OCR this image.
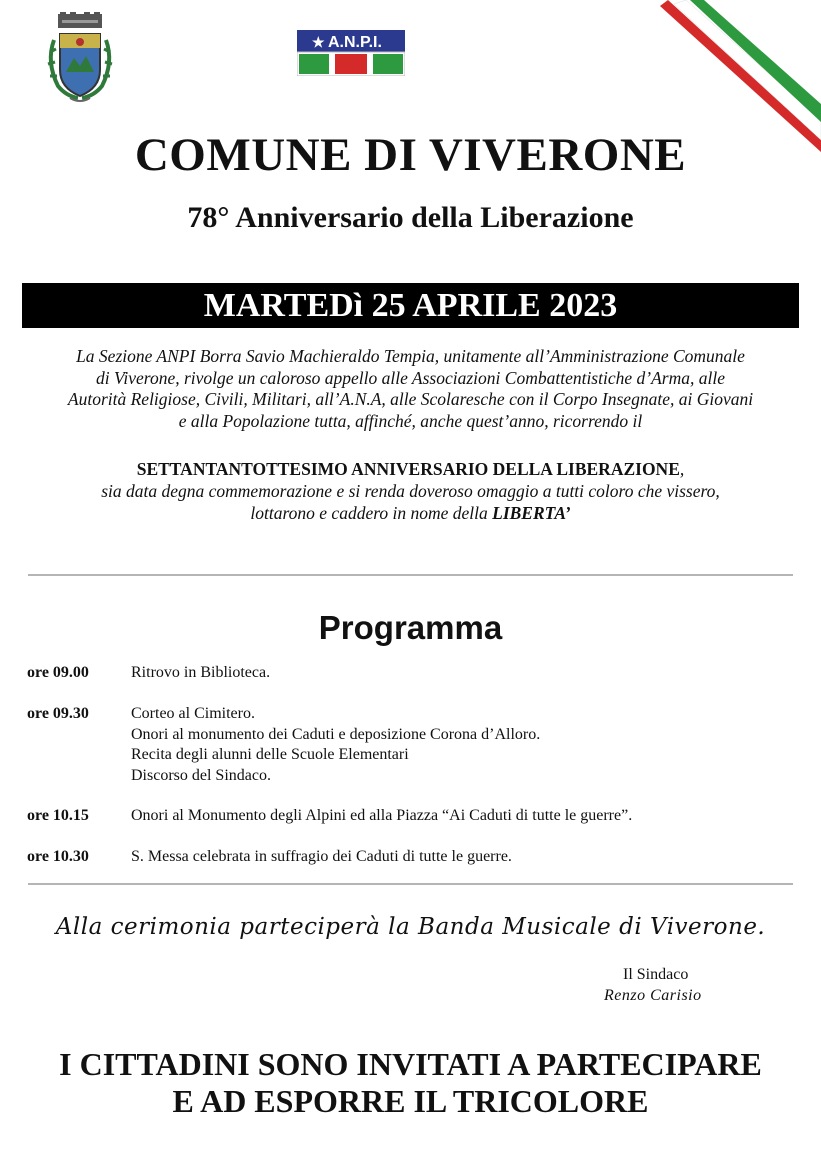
★ A.N.P.I.
COMUNE DI VIVERONE
78° Anniversario della Liberazione
MARTEDì 25 APRILE 2023
La Sezione ANPI Borra Savio Machieraldo Tempia, unitamente all’Amministrazione Comunale
di Viverone, rivolge un caloroso appello alle Associazioni Combattentistiche d’Arma, alle
Autorità Religiose, Civili, Militari, all’A.N.A, alle Scolaresche con il Corpo Insegnate, ai Giovani
e alla Popolazione tutta, affinché, anche quest’anno, ricorrendo il
SETTANTANTOTTESIMO ANNIVERSARIO DELLA LIBERAZIONE,
sia data degna commemorazione e si renda doveroso omaggio a tutti coloro che vissero,
lottarono e caddero in nome della LIBERTA’
Programma
ore 09.00	Ritrovo in Biblioteca.
ore 09.30	Corteo al Cimitero.
Onori al monumento dei Caduti e deposizione Corona d’Alloro.
Recita degli alunni delle Scuole Elementari
Discorso del Sindaco.
ore 10.15	Onori al Monumento degli Alpini ed alla Piazza “Ai Caduti di tutte le guerre”.
ore 10.30	S. Messa celebrata in suffragio dei Caduti di tutte le guerre.
Alla cerimonia parteciperà la Banda Musicale di Viverone.
Il Sindaco
Renzo Carisio
I CITTADINI SONO INVITATI A PARTECIPARE
E AD ESPORRE IL TRICOLORE
